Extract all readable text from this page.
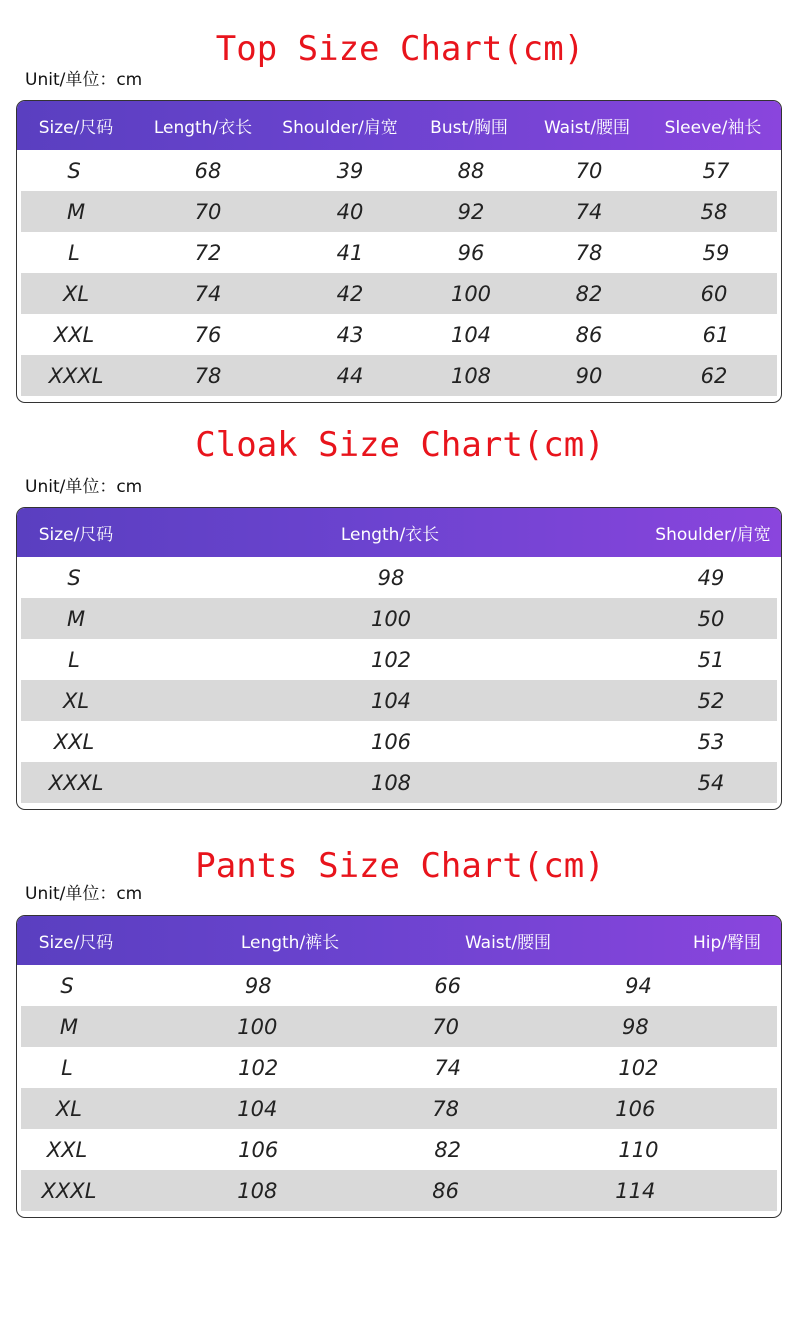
Top Size Chart(cm)
Unit/单位：cm
Size/尺码	Length/衣长	Shoulder/肩宽	Bust/胸围	Waist/腰围	Sleeve/袖长
S	68	39	88	70	57
M	70	40	92	74	58
L	72	41	96	78	59
XL	74	42	100	82	60
XXL	76	43	104	86	61
XXXL	78	44	108	90	62
Cloak Size Chart(cm)
Unit/单位：cm
Size/尺码	Length/衣长	Shoulder/肩宽
S	98	49
M	100	50
L	102	51
XL	104	52
XXL	106	53
XXXL	108	54
Pants Size Chart(cm)
Unit/单位：cm
Size/尺码	Length/裤长	Waist/腰围	Hip/臀围
S	98	66	94
M	100	70	98
L	102	74	102
XL	104	78	106
XXL	106	82	110
XXXL	108	86	114
